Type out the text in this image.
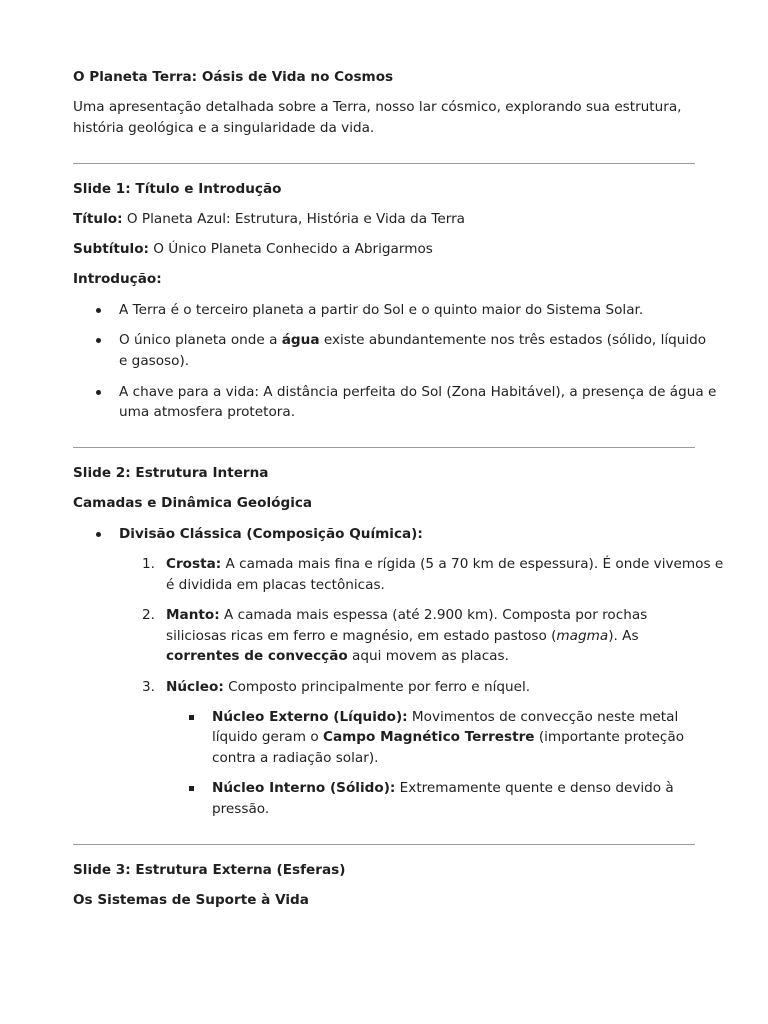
O Planeta Terra: Oásis de Vida no Cosmos

Uma apresentação detalhada sobre a Terra, nosso lar cósmico, explorando sua estrutura,

história geológica e a singularidade da vida.

Slide 1: Título e Introdução

Título: O Planeta Azul: Estrutura, História e Vida da Terra

Subtítulo: O Único Planeta Conhecido a Abrigarmos

Introdução:

A Terra é o terceiro planeta a partir do Sol e o quinto maior do Sistema Solar.

O único planeta onde a água existe abundantemente nos três estados (sólido, líquido

e gasoso).

A chave para a vida: A distância perfeita do Sol (Zona Habitável), a presença de água e

uma atmosfera protetora.

Slide 2: Estrutura Interna

Camadas e Dinâmica Geológica

Divisão Clássica (Composição Química):

1. Crosta: A camada mais fina e rígida (5 a 70 km de espessura). É onde vivemos e

é dividida em placas tectônicas.

2. Manto: A camada mais espessa (até 2.900 km). Composta por rochas

siliciosas ricas em ferro e magnésio, em estado pastoso (magma). As

correntes de convecção aqui movem as placas.

3. Núcleo: Composto principalmente por ferro e níquel.

Núcleo Externo (Líquido): Movimentos de convecção neste metal

líquido geram o Campo Magnético Terrestre (importante proteção

contra a radiação solar).

Núcleo Interno (Sólido): Extremamente quente e denso devido à

pressão.

Slide 3: Estrutura Externa (Esferas)

Os Sistemas de Suporte à Vida
